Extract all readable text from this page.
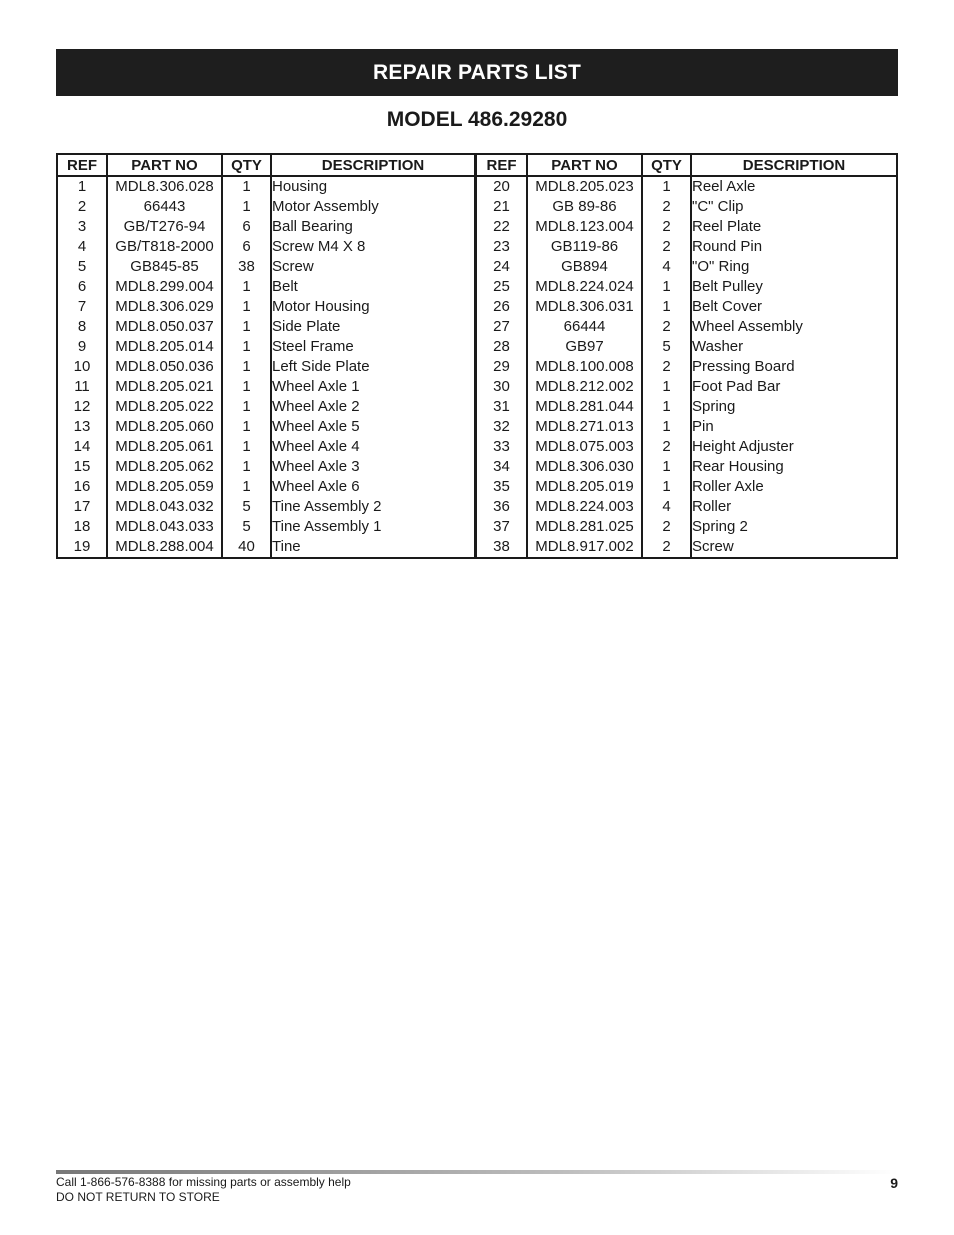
REPAIR PARTS LIST
MODEL 486.29280
REF	PART NO	QTY	DESCRIPTION
1	MDL8.306.028	1	Housing
2	66443	1	Motor Assembly
3	GB/T276-94	6	Ball Bearing
4	GB/T818-2000	6	Screw M4 X 8
5	GB845-85	38	Screw
6	MDL8.299.004	1	Belt
7	MDL8.306.029	1	Motor Housing
8	MDL8.050.037	1	Side Plate
9	MDL8.205.014	1	Steel Frame
10	MDL8.050.036	1	Left Side Plate
11	MDL8.205.021	1	Wheel Axle 1
12	MDL8.205.022	1	Wheel Axle 2
13	MDL8.205.060	1	Wheel Axle 5
14	MDL8.205.061	1	Wheel Axle 4
15	MDL8.205.062	1	Wheel Axle 3
16	MDL8.205.059	1	Wheel Axle 6
17	MDL8.043.032	5	Tine Assembly 2
18	MDL8.043.033	5	Tine Assembly 1
19	MDL8.288.004	40	Tine
REF	PART NO	QTY	DESCRIPTION
20	MDL8.205.023	1	Reel Axle
21	GB 89-86	2	"C" Clip
22	MDL8.123.004	2	Reel Plate
23	GB119-86	2	Round Pin
24	GB894	4	"O" Ring
25	MDL8.224.024	1	Belt Pulley
26	MDL8.306.031	1	Belt Cover
27	66444	2	Wheel Assembly
28	GB97	5	Washer
29	MDL8.100.008	2	Pressing Board
30	MDL8.212.002	1	Foot Pad Bar
31	MDL8.281.044	1	Spring
32	MDL8.271.013	1	Pin
33	MDL8.075.003	2	Height Adjuster
34	MDL8.306.030	1	Rear Housing
35	MDL8.205.019	1	Roller Axle
36	MDL8.224.003	4	Roller
37	MDL8.281.025	2	Spring 2
38	MDL8.917.002	2	Screw
Call 1-866-576-8388 for missing parts or assembly help
DO NOT RETURN TO STORE
9
